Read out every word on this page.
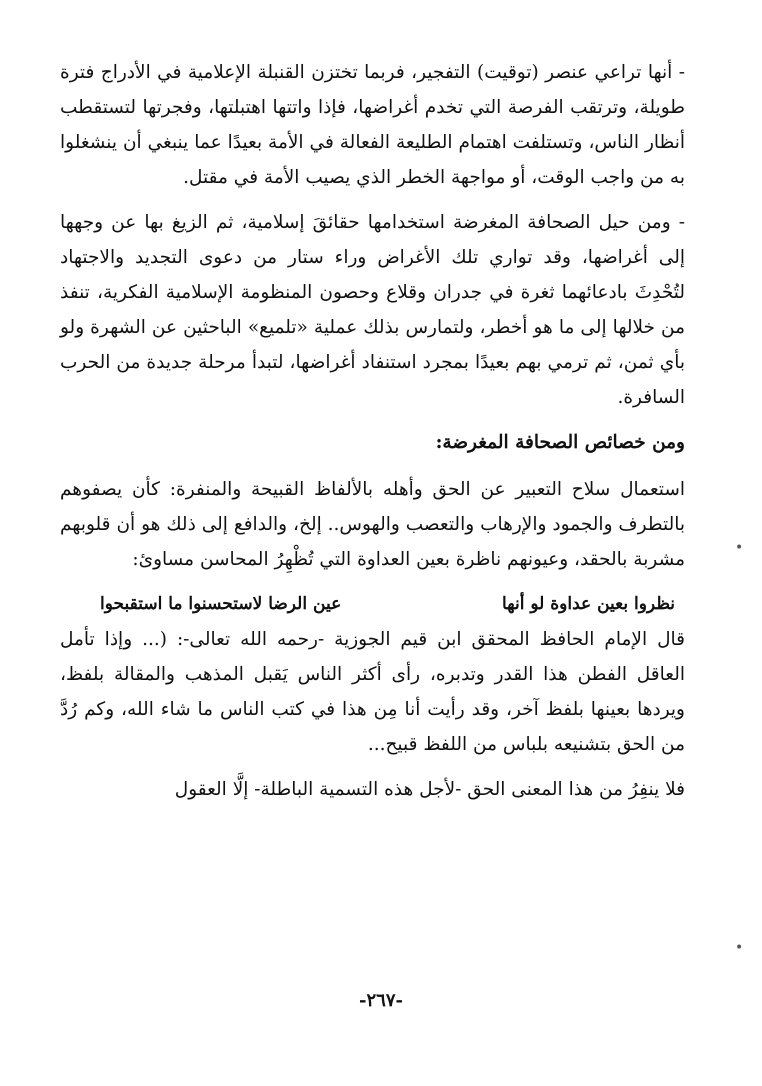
- أنها تراعي عنصر (توقيت) التفجير، فربما تختزن القنبلة الإعلامية في الأدراج فترة طويلة، وترتقب الفرصة التي تخدم أغراضها، فإذا واتتها اهتبلتها، وفجرتها لتستقطب أنظار الناس، وتستلفت اهتمام الطليعة الفعالة في الأمة بعيدًا عما ينبغي أن ينشغلوا به من واجب الوقت، أو مواجهة الخطر الذي يصيب الأمة في مقتل.

- ومن حيل الصحافة المغرضة استخدامها حقائقَ إسلامية، ثم الزيغ بها عن وجهها إلى أغراضها، وقد تواري تلك الأغراض وراء ستار من دعوى التجديد والاجتهاد لتُحْدِثَ بادعائهما ثغرة في جدران وقلاع وحصون المنظومة الإسلامية الفكرية، تنفذ من خلالها إلى ما هو أخطر، ولتمارس بذلك عملية «تلميع» الباحثين عن الشهرة ولو بأي ثمن، ثم ترمي بهم بعيدًا بمجرد استنفاد أغراضها، لتبدأ مرحلة جديدة من الحرب السافرة.

ومن خصائص الصحافة المغرضة:

استعمال سلاح التعبير عن الحق وأهله بالألفاظ القبيحة والمنفرة: كأن يصفوهم بالتطرف والجمود والإرهاب والتعصب والهوس.. إلخ، والدافع إلى ذلك هو أن قلوبهم مشربة بالحقد، وعيونهم ناظرة بعين العداوة التي تُظْهِرُ المحاسن مساوئ:

نظروا بعين عداوة لو أنها
عين الرضا لاستحسنوا ما استقبحوا

قال الإمام الحافظ المحقق ابن قيم الجوزية -رحمه الله تعالى-: (... وإذا تأمل العاقل الفطن هذا القدر وتدبره، رأى أكثر الناس يَقبل المذهب والمقالة بلفظ، ويردها بعينها بلفظ آخر، وقد رأيت أنا مِن هذا في كتب الناس ما شاء الله، وكم رُدَّ من الحق بتشنيعه بلباس من اللفظ قبيح...

فلا ينفِرُ من هذا المعنى الحق -لأجل هذه التسمية الباطلة- إلَّا العقول

-٢٦٧-
•
•
